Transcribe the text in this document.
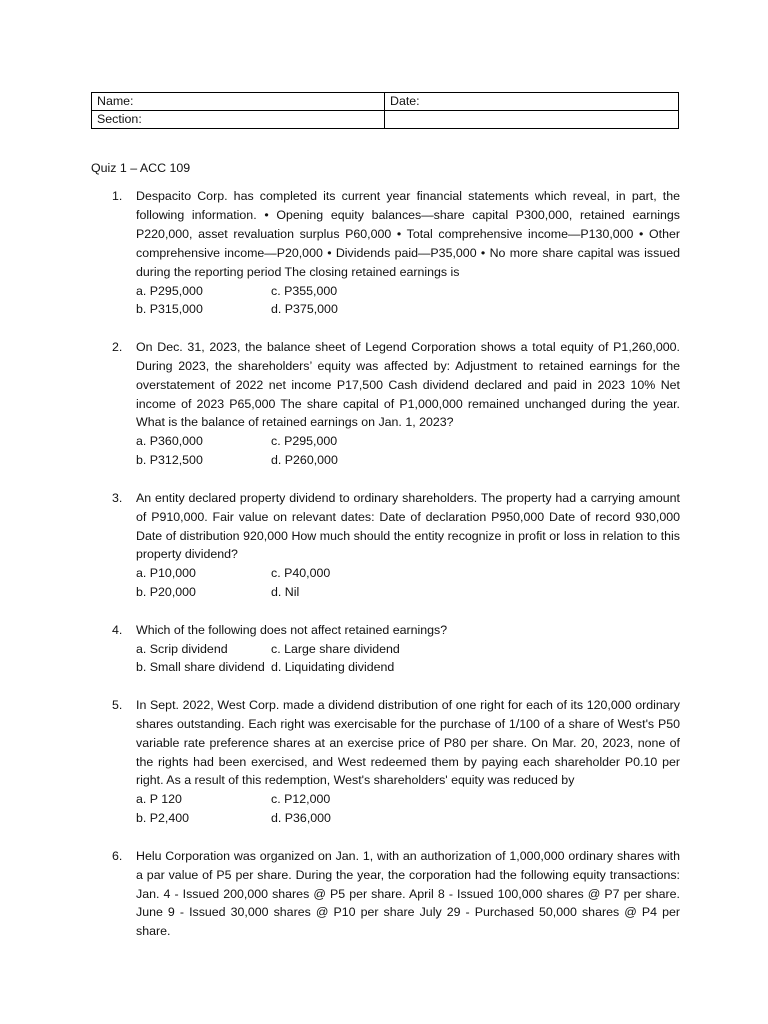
Name:	Date:
Section:	
Quiz 1 – ACC 109
1. Despacito Corp. has completed its current year financial statements which reveal, in part, the following information. • Opening equity balances—share capital P300,000, retained earnings P220,000, asset revaluation surplus P60,000 • Total comprehensive income—P130,000 • Other comprehensive income—P20,000 • Dividends paid—P35,000 • No more share capital was issued during the reporting period The closing retained earnings is
a. P295,000	c. P355,000
b. P315,000	d. P375,000
2. On Dec. 31, 2023, the balance sheet of Legend Corporation shows a total equity of P1,260,000. During 2023, the shareholders’ equity was affected by: Adjustment to retained earnings for the overstatement of 2022 net income P17,500 Cash dividend declared and paid in 2023 10% Net income of 2023 P65,000 The share capital of P1,000,000 remained unchanged during the year. What is the balance of retained earnings on Jan. 1, 2023?
a. P360,000	c. P295,000
b. P312,500	d. P260,000
3. An entity declared property dividend to ordinary shareholders. The property had a carrying amount of P910,000. Fair value on relevant dates: Date of declaration P950,000 Date of record 930,000 Date of distribution 920,000 How much should the entity recognize in profit or loss in relation to this property dividend?
a. P10,000	c. P40,000
b. P20,000	d. Nil
4. Which of the following does not affect retained earnings?
a. Scrip dividend	c. Large share dividend
b. Small share dividend d. Liquidating dividend
5. In Sept. 2022, West Corp. made a dividend distribution of one right for each of its 120,000 ordinary shares outstanding. Each right was exercisable for the purchase of 1/100 of a share of West's P50 variable rate preference shares at an exercise price of P80 per share. On Mar. 20, 2023, none of the rights had been exercised, and West redeemed them by paying each shareholder P0.10 per right. As a result of this redemption, West's shareholders' equity was reduced by
a. P 120	c. P12,000
b. P2,400	d. P36,000
6. Helu Corporation was organized on Jan. 1, with an authorization of 1,000,000 ordinary shares with a par value of P5 per share. During the year, the corporation had the following equity transactions: Jan. 4 - Issued 200,000 shares @ P5 per share. April 8 - Issued 100,000 shares @ P7 per share. June 9 - Issued 30,000 shares @ P10 per share July 29 - Purchased 50,000 shares @ P4 per share.
